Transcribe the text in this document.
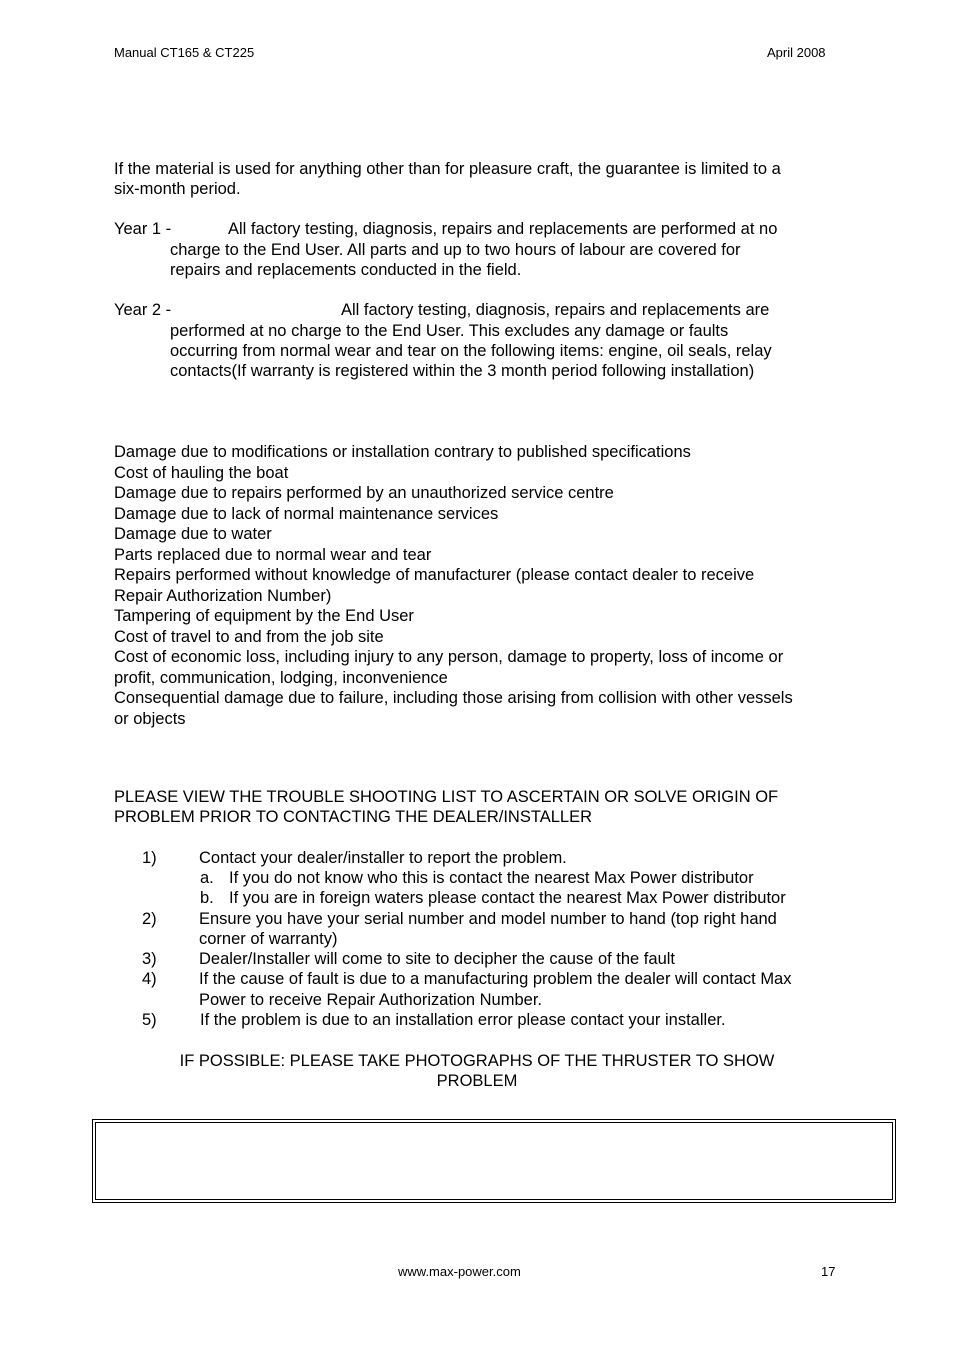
Manual CT165 & CT225	April 2008
If the material is used for anything other than for pleasure craft, the guarantee is limited to a
six-month period.
Year 1 -	All factory testing, diagnosis, repairs and replacements are performed at no
charge to the End User. All parts and up to two hours of labour are covered for
repairs and replacements conducted in the field.
Year 2 -	All factory testing, diagnosis, repairs and replacements are
performed at no charge to the End User. This excludes any damage or faults
occurring from normal wear and tear on the following items: engine, oil seals, relay
contacts(If warranty is registered within the 3 month period following installation)
Damage due to modifications or installation contrary to published specifications
Cost of hauling the boat
Damage due to repairs performed by an unauthorized service centre
Damage due to lack of normal maintenance services
Damage due to water
Parts replaced due to normal wear and tear
Repairs performed without knowledge of manufacturer (please contact dealer to receive
Repair Authorization Number)
Tampering of equipment by the End User
Cost of travel to and from the job site
Cost of economic loss, including injury to any person, damage to property, loss of income or
profit, communication, lodging, inconvenience
Consequential damage due to failure, including those arising from collision with other vessels
or objects
PLEASE VIEW THE TROUBLE SHOOTING LIST TO ASCERTAIN OR SOLVE ORIGIN OF
PROBLEM PRIOR TO CONTACTING THE DEALER/INSTALLER
1)	Contact your dealer/installer to report the problem.
a. If you do not know who this is contact the nearest Max Power distributor
b. If you are in foreign waters please contact the nearest Max Power distributor
2)	Ensure you have your serial number and model number to hand (top right hand
corner of warranty)
3)	Dealer/Installer will come to site to decipher the cause of the fault
4)	If the cause of fault is due to a manufacturing problem the dealer will contact Max
Power to receive Repair Authorization Number.
5)	If the problem is due to an installation error please contact your installer.
IF POSSIBLE: PLEASE TAKE PHOTOGRAPHS OF THE THRUSTER TO SHOW
PROBLEM
www.max-power.com	17
